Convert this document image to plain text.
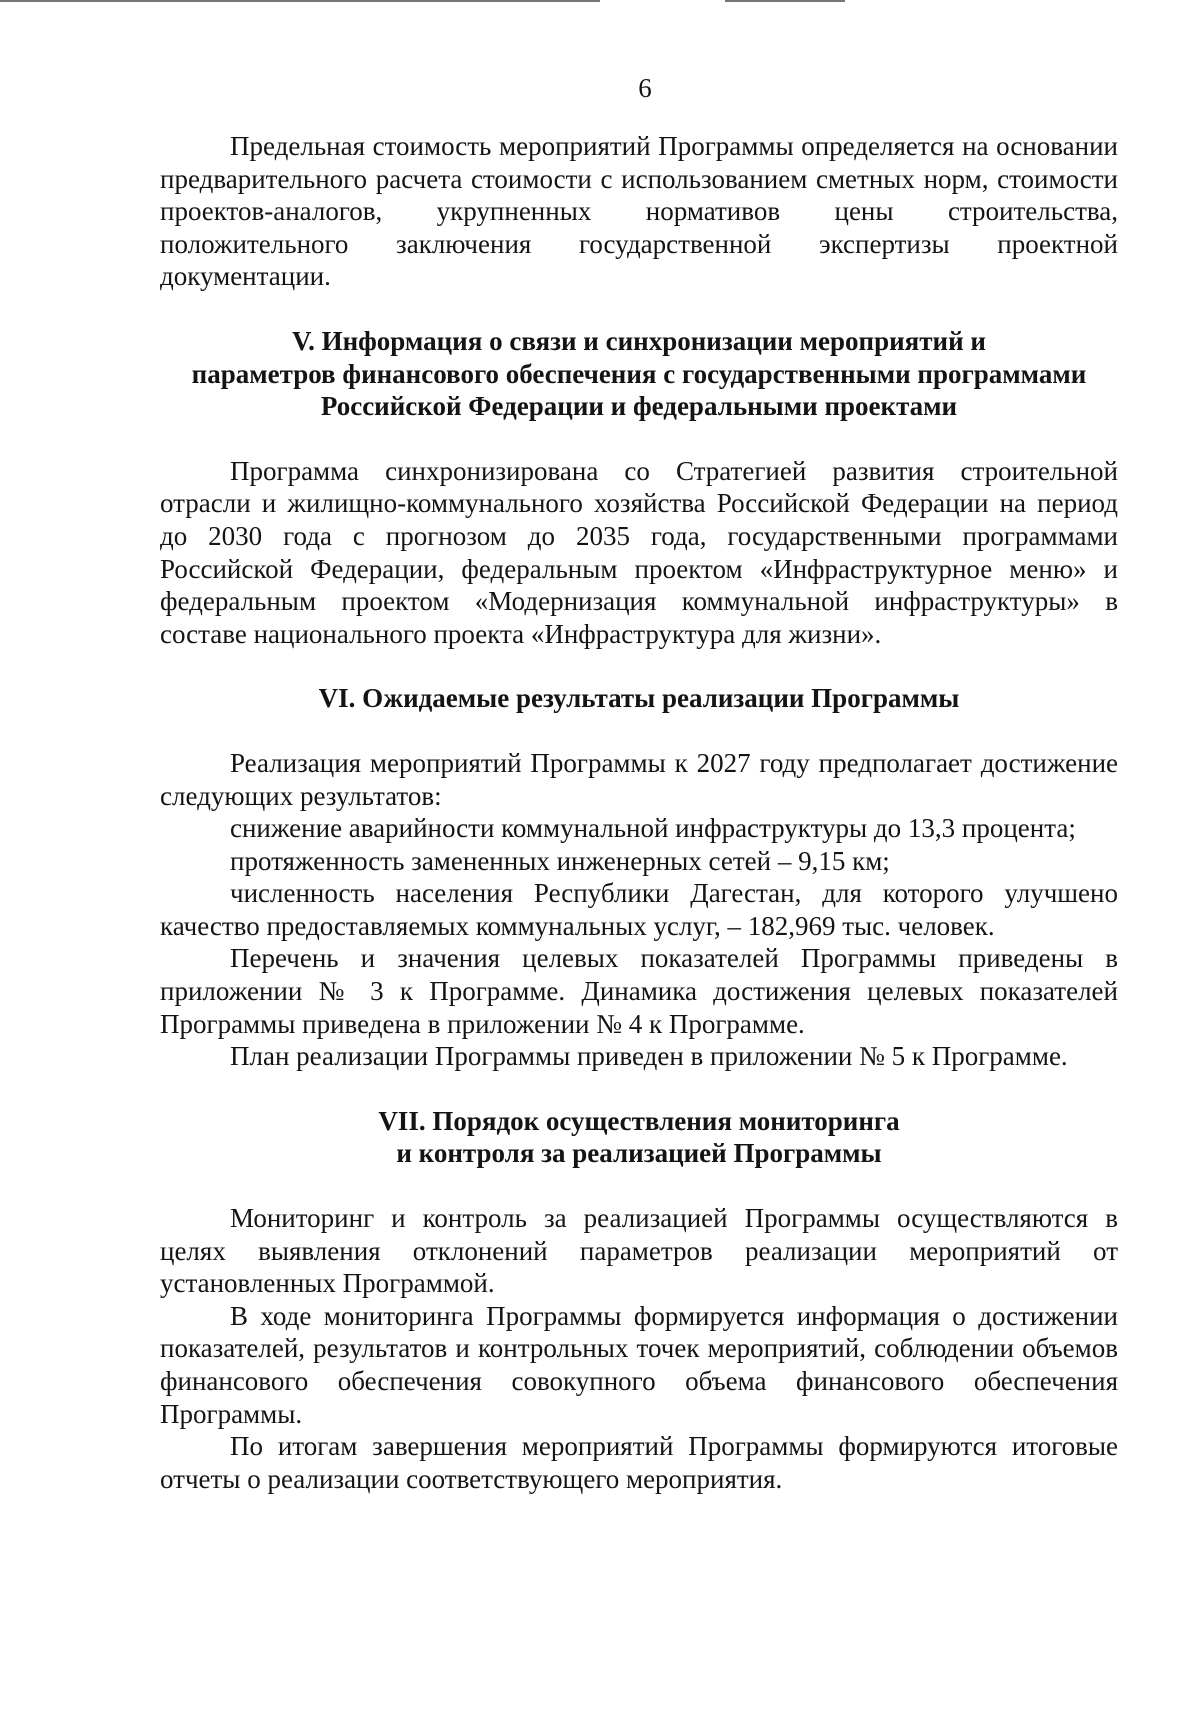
6

Предельная стоимость мероприятий Программы определяется на основании предварительного расчета стоимости с использованием сметных норм, стоимости проектов-аналогов, укрупненных нормативов цены строительства, положительного заключения государственной экспертизы проектной документации.

V. Информация о связи и синхронизации мероприятий и
параметров финансового обеспечения с государственными программами
Российской Федерации и федеральными проектами

Программа синхронизирована со Стратегией развития строительной отрасли и жилищно-коммунального хозяйства Российской Федерации на период до 2030 года с прогнозом до 2035 года, государственными программами Российской Федерации, федеральным проектом «Инфраструктурное меню» и федеральным проектом «Модернизация коммунальной инфраструктуры» в составе национального проекта «Инфраструктура для жизни».

VI. Ожидаемые результаты реализации Программы

Реализация мероприятий Программы к 2027 году предполагает достижение следующих результатов:

снижение аварийности коммунальной инфраструктуры до 13,3 процента;

протяженность замененных инженерных сетей – 9,15 км;

численность населения Республики Дагестан, для которого улучшено качество предоставляемых коммунальных услуг, – 182,969 тыс. человек.

Перечень и значения целевых показателей Программы приведены в приложении № 3 к Программе. Динамика достижения целевых показателей Программы приведена в приложении № 4 к Программе.

План реализации Программы приведен в приложении № 5 к Программе.

VII. Порядок осуществления мониторинга
и контроля за реализацией Программы

Мониторинг и контроль за реализацией Программы осуществляются в целях выявления отклонений параметров реализации мероприятий от установленных Программой.

В ходе мониторинга Программы формируется информация о достижении показателей, результатов и контрольных точек мероприятий, соблюдении объемов финансового обеспечения совокупного объема финансового обеспечения Программы.

По итогам завершения мероприятий Программы формируются итоговые отчеты о реализации соответствующего мероприятия.
